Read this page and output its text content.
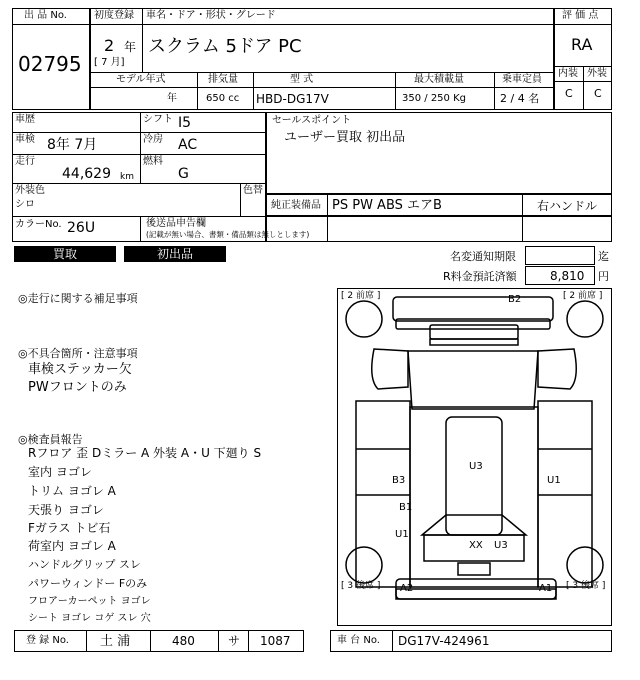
出 品 No.
02795
初度登録 車名・ドア・形状・グレード
2 年
[ 7 月]
スクラム 5ドア PC
モデル年式	排気量	型 式	最大積載量	乗車定員
年	650 cc HBD-DG17V	350 / 250 Kg	2 / 4 名
評 価 点
RA
内装 外装
C C
車歴
車検 8年 7月
走行
44,629 km
シフト I5
冷房 AC
燃料
G
外装色
シロ
色替
カラーNo. 26U	後送品申告欄
(記載が無い場合、書類・備品類は無しとします)
セールスポイント
ユーザー買取 初出品
純正装備品 PS PW ABS エアB	右ハンドル
買取	初出品	名変通知期限	迄
R料金預託済額	8,810 円
◎走行に関する補足事項
◎不具合箇所・注意事項
車検ステッカー欠
PWフロントのみ
◎検査員報告
Rフロア 歪 Dミラー A 外装 A・U 下廻り S
室内 ヨゴレ
トリム ヨゴレ A
天張り ヨゴレ
Fガラス トビ石
荷室内 ヨゴレ A
ハンドルグリップ スレ
パワーウィンドー Fのみ
フロアーカーペット ヨゴレ
シート ヨゴレ コゲ スレ 穴
[ 2 前席 ]	[ 2 前席 ]
[ 3 後席 ]	[ 3 後席 ]
B2
U3
B3	U1
B1
U1
XX U3
A2	A1
登 録 No. 土 浦	480	サ 1087	車 台 No. DG17V-424961
